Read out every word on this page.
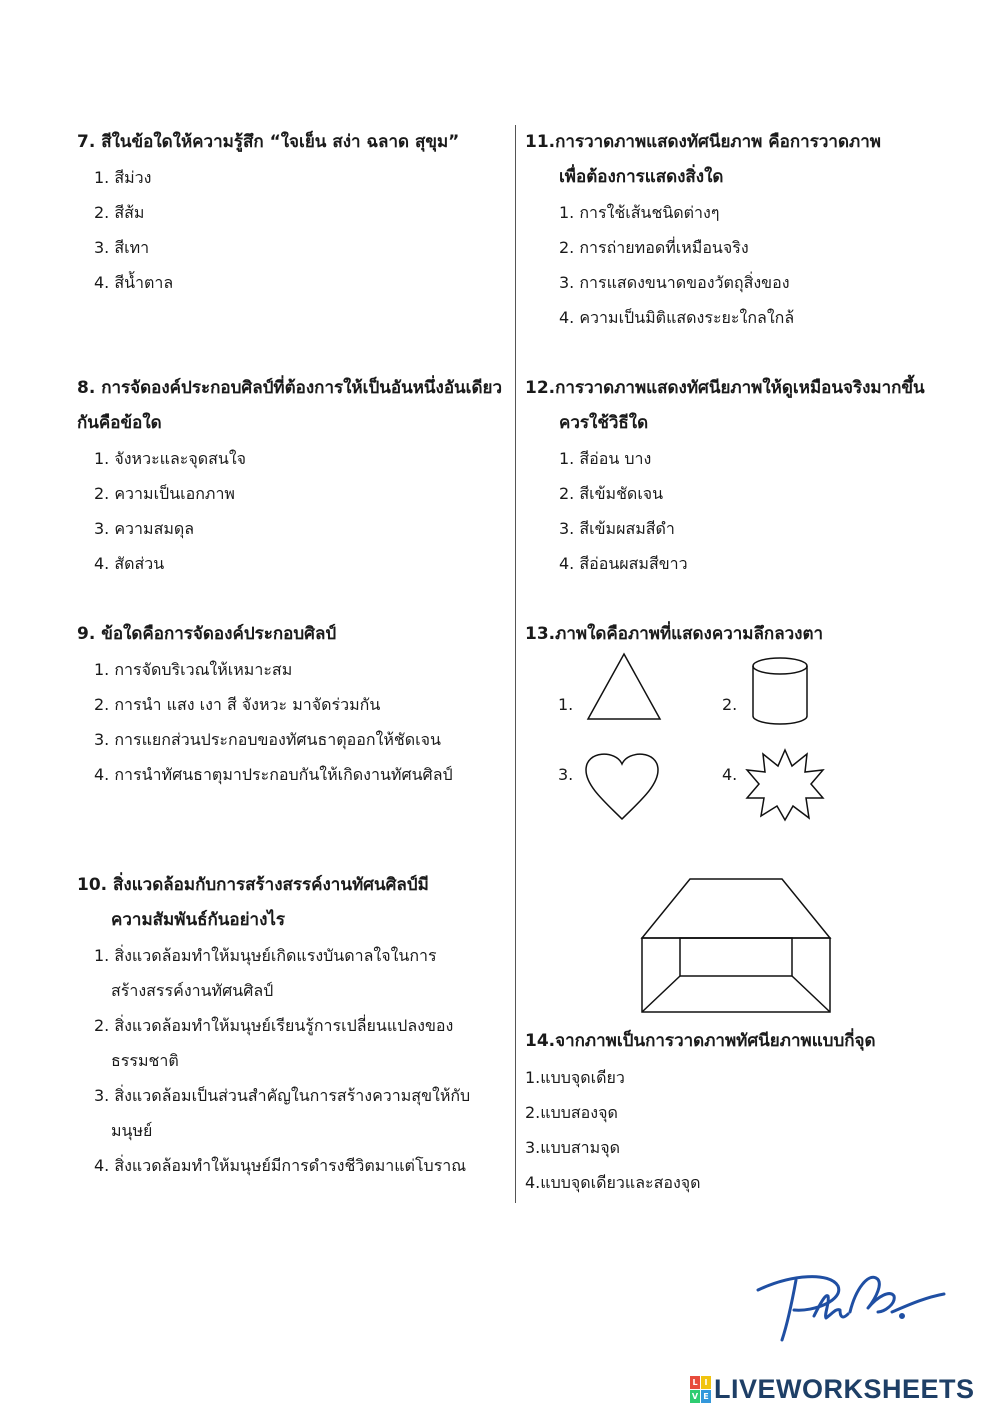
7. สีในข้อใดให้ความรู้สึก “ใจเย็น สง่า ฉลาด สุขุม”

1. สีม่วง

2. สีส้ม

3. สีเทา

4. สีน้ำตาล

8. การจัดองค์ประกอบศิลป์ที่ต้องการให้เป็นอันหนึ่งอันเดียว

กันคือข้อใด

1. จังหวะและจุดสนใจ

2. ความเป็นเอกภาพ

3. ความสมดุล

4. สัดส่วน

9. ข้อใดคือการจัดองค์ประกอบศิลป์

1. การจัดบริเวณให้เหมาะสม

2. การนำ แสง เงา สี จังหวะ มาจัดร่วมกัน

3. การแยกส่วนประกอบของทัศนธาตุออกให้ชัดเจน

4. การนำทัศนธาตุมาประกอบกันให้เกิดงานทัศนศิลป์

10. สิ่งแวดล้อมกับการสร้างสรรค์งานทัศนศิลป์มี

ความสัมพันธ์กันอย่างไร

1. สิ่งแวดล้อมทำให้มนุษย์เกิดแรงบันดาลใจในการ

สร้างสรรค์งานทัศนศิลป์

2. สิ่งแวดล้อมทำให้มนุษย์เรียนรู้การเปลี่ยนแปลงของ

ธรรมชาติ

3. สิ่งแวดล้อมเป็นส่วนสำคัญในการสร้างความสุขให้กับ

มนุษย์

4. สิ่งแวดล้อมทำให้มนุษย์มีการดำรงชีวิตมาแต่โบราณ

11.การวาดภาพแสดงทัศนียภาพ คือการวาดภาพ

เพื่อต้องการแสดงสิ่งใด

1. การใช้เส้นชนิดต่างๆ

2. การถ่ายทอดที่เหมือนจริง

3. การแสดงขนาดของวัตถุสิ่งของ

4. ความเป็นมิติแสดงระยะใกลใกล้

12.การวาดภาพแสดงทัศนียภาพให้ดูเหมือนจริงมากขึ้น

ควรใช้วิธีใด

1. สีอ่อน บาง

2. สีเข้มชัดเจน

3. สีเข้มผสมสีดำ

4. สีอ่อนผสมสีขาว

13.ภาพใดคือภาพที่แสดงความลึกลวงตา

1.	2.
3.	4.

14.จากภาพเป็นการวาดภาพทัศนียภาพแบบกี่จุด

1.แบบจุดเดียว

2.แบบสองจุด

3.แบบสามจุด

4.แบบจุดเดียวและสองจุด

L I
V E LIVEWORKSHEETS
